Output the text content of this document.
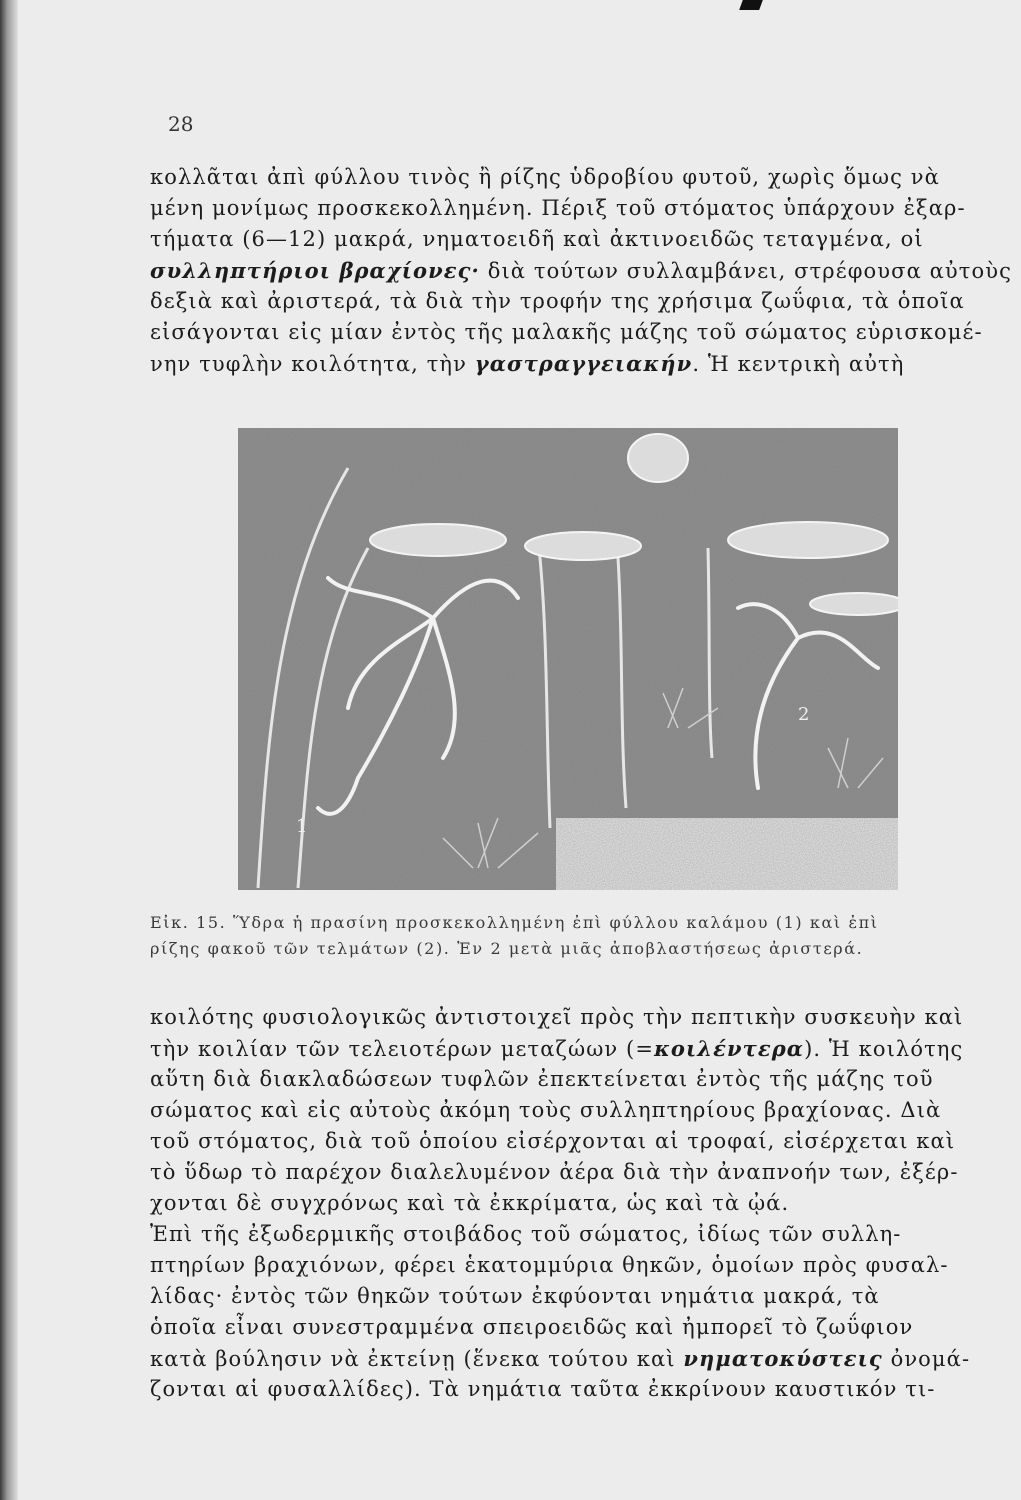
28
κολλᾶται ἀπὶ φύλλου τινὸς ἢ ρίζης ὑδροβίου φυτοῦ, χωρὶς ὅμως νὰ
μένη μονίμως προσκεκολλημένη. Πέριξ τοῦ στόματος ὑπάρχουν ἐξαρ-
τήματα (6—12) μακρά, νηματοειδῆ καὶ ἀκτινοειδῶς τεταγμένα, οἱ
συλληπτήριοι βραχίονες· διὰ τούτων συλλαμβάνει, στρέφουσα αὐτοὺς
δεξιὰ καὶ ἀριστερά, τὰ διὰ τὴν τροφήν της χρήσιμα ζωΰφια, τὰ ὁποῖα
εἰσάγονται εἰς μίαν ἐντὸς τῆς μαλακῆς μάζης τοῦ σώματος εὑρισκομέ-
νην τυφλὴν κοιλότητα, τὴν γαστραγγειακήν. Ἡ κεντρικὴ αὐτὴ
1
2
Εἰκ. 15. Ὕδρα ἡ πρασίνη προσκεκολλημένη ἐπὶ φύλλου καλάμου (1) καὶ ἐπὶ
ρίζης φακοῦ τῶν τελμάτων (2). Ἐν 2 μετὰ μιᾶς ἀποβλαστήσεως ἀριστερά.
κοιλότης φυσιολογικῶς ἀντιστοιχεῖ πρὸς τὴν πεπτικὴν συσκευὴν καὶ
τὴν κοιλίαν τῶν τελειοτέρων μεταζώων (=κοιλέντερα). Ἡ κοιλότης
αὕτη διὰ διακλαδώσεων τυφλῶν ἐπεκτείνεται ἐντὸς τῆς μάζης τοῦ
σώματος καὶ εἰς αὐτοὺς ἀκόμη τοὺς συλληπτηρίους βραχίονας. Διὰ
τοῦ στόματος, διὰ τοῦ ὁποίου εἰσέρχονται αἱ τροφαί, εἰσέρχεται καὶ
τὸ ὕδωρ τὸ παρέχον διαλελυμένον ἀέρα διὰ τὴν ἀναπνοήν των, ἐξέρ-
χονται δὲ συγχρόνως καὶ τὰ ἐκκρίματα, ὡς καὶ τὰ ᾠά.
Ἐπὶ τῆς ἐξωδερμικῆς στοιβάδος τοῦ σώματος, ἰδίως τῶν συλλη-
πτηρίων βραχιόνων, φέρει ἑκατομμύρια θηκῶν, ὁμοίων πρὸς φυσαλ-
λίδας· ἐντὸς τῶν θηκῶν τούτων ἐκφύονται νημάτια μακρά, τὰ
ὁποῖα εἶναι συνεστραμμένα σπειροειδῶς καὶ ἠμπορεῖ τὸ ζωΰφιον
κατὰ βούλησιν νὰ ἐκτείνῃ (ἕνεκα τούτου καὶ νηματοκύστεις ὀνομά-
ζονται αἱ φυσαλλίδες). Τὰ νημάτια ταῦτα ἐκκρίνουν καυστικόν τι-
